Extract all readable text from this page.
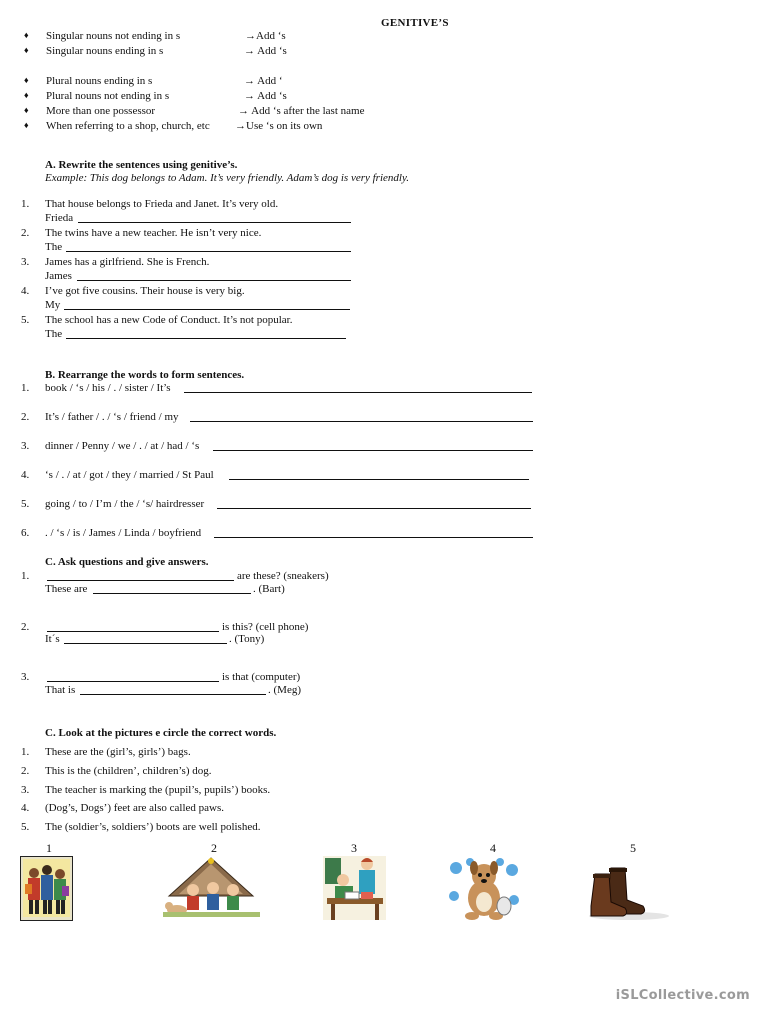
GENITIVE’S
♦ Singular nouns not ending in s	→Add ‘s
♦ Singular nouns ending in s	→ Add ‘s
♦ Plural nouns ending in s	→ Add ‘
♦ Plural nouns not ending in s	→ Add ‘s
♦ More than one possessor	→ Add ‘s after the last name
♦ When referring to a shop, church, etc →Use ‘s on its own
A. Rewrite the sentences using genitive’s.
Example: This dog belongs to Adam. It’s very friendly. Adam’s dog is very friendly.
1. That house belongs to Frieda and Janet. It’s very old.
Frieda
2. The twins have a new teacher. He isn’t very nice.
The
3. James has a girlfriend. She is French.
James
4. I’ve got five cousins. Their house is very big.
My
5. The school has a new Code of Conduct. It’s not popular.
The
B. Rearrange the words to form sentences.
1. book / ‘s / his / . / sister / It’s
2. It’s / father / . / ‘s / friend / my
3. dinner / Penny / we / . / at / had / ‘s
4. ‘s / . / at / got / they / married / St Paul
5. going / to / I’m / the / ‘s/ hairdresser
6. . / ‘s / is / James / Linda / boyfriend
C. Ask questions and give answers.
1.	are these? (sneakers)
These are	. (Bart)
2.	is this? (cell phone)
It´s	. (Tony)
3.	is that (computer)
That is	. (Meg)
C. Look at the pictures e circle the correct words.
1. These are the (girl’s, girls’) bags.
2. This is the (children’, children’s) dog.
3. The teacher is marking the (pupil’s, pupils’) books.
4. (Dog’s, Dogs’) feet are also called paws.
5. The (soldier’s, soldiers’) boots are well polished.
1	2	3	4	5
iSLCollective.com
